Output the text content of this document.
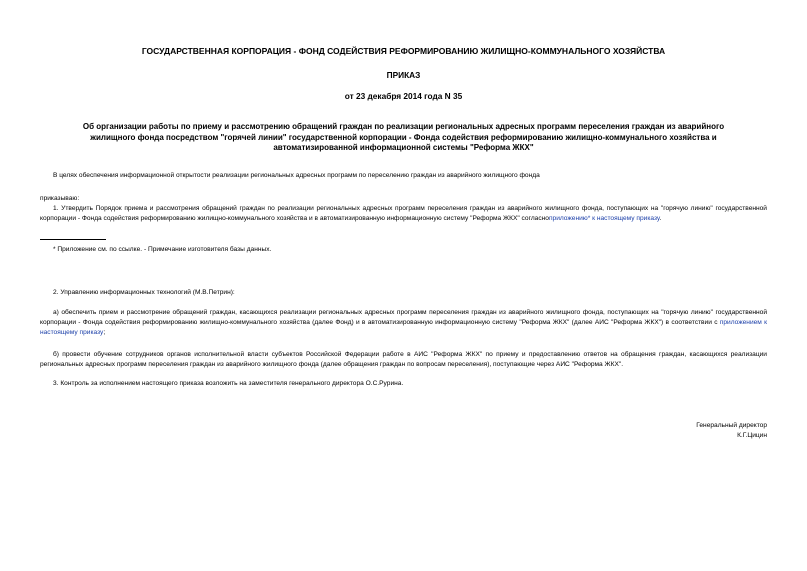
ГОСУДАРСТВЕННАЯ КОРПОРАЦИЯ - ФОНД СОДЕЙСТВИЯ РЕФОРМИРОВАНИЮ ЖИЛИЩНО-КОММУНАЛЬНОГО ХОЗЯЙСТВА
ПРИКАЗ
от 23 декабря 2014 года N 35
Об организации работы по приему и рассмотрению обращений граждан по реализации региональных адресных программ переселения граждан из аварийного
жилищного фонда посредством "горячей линии" государственной корпорации - Фонда содействия реформированию жилищно-коммунального хозяйства и
автоматизированной информационной системы "Реформа ЖКХ"
В целях обеспечения информационной открытости реализации региональных адресных программ по переселению граждан из аварийного жилищного фонда
приказываю:
1. Утвердить Порядок приема и рассмотрения обращений граждан по реализации региональных адресных программ переселения граждан из аварийного жилищного фонда, поступающих на "горячую линию" государственной корпорации - Фонда содействия реформированию жилищно-коммунального хозяйства и в автоматизированную информационную систему "Реформа ЖКХ" согласноприложению* к настоящему приказу.
* Приложение см. по ссылке. - Примечание изготовителя базы данных.
2. Управлению информационных технологий (М.В.Петрин):
а) обеспечить прием и рассмотрение обращений граждан, касающихся реализации региональных адресных программ переселения граждан из аварийного жилищного фонда, поступающих на "горячую линию" государственной корпорации - Фонда содействия реформированию жилищно-коммунального хозяйства (далее Фонд) и в автоматизированную информационную систему "Реформа ЖКХ" (далее АИС "Реформа ЖКХ") в соответствии с приложением к настоящему приказу;
б) провести обучение сотрудников органов исполнительной власти субъектов Российской Федерации работе в АИС "Реформа ЖКХ" по приему и предоставлению ответов на обращения граждан, касающихся реализации региональных адресных программ переселения граждан из аварийного жилищного фонда (далее обращения граждан по вопросам переселения), поступающие через АИС "Реформа ЖКХ".
3. Контроль за исполнением настоящего приказа возложить на заместителя генерального директора О.С.Рурина.
Генеральный директор
К.Г.Цицин
